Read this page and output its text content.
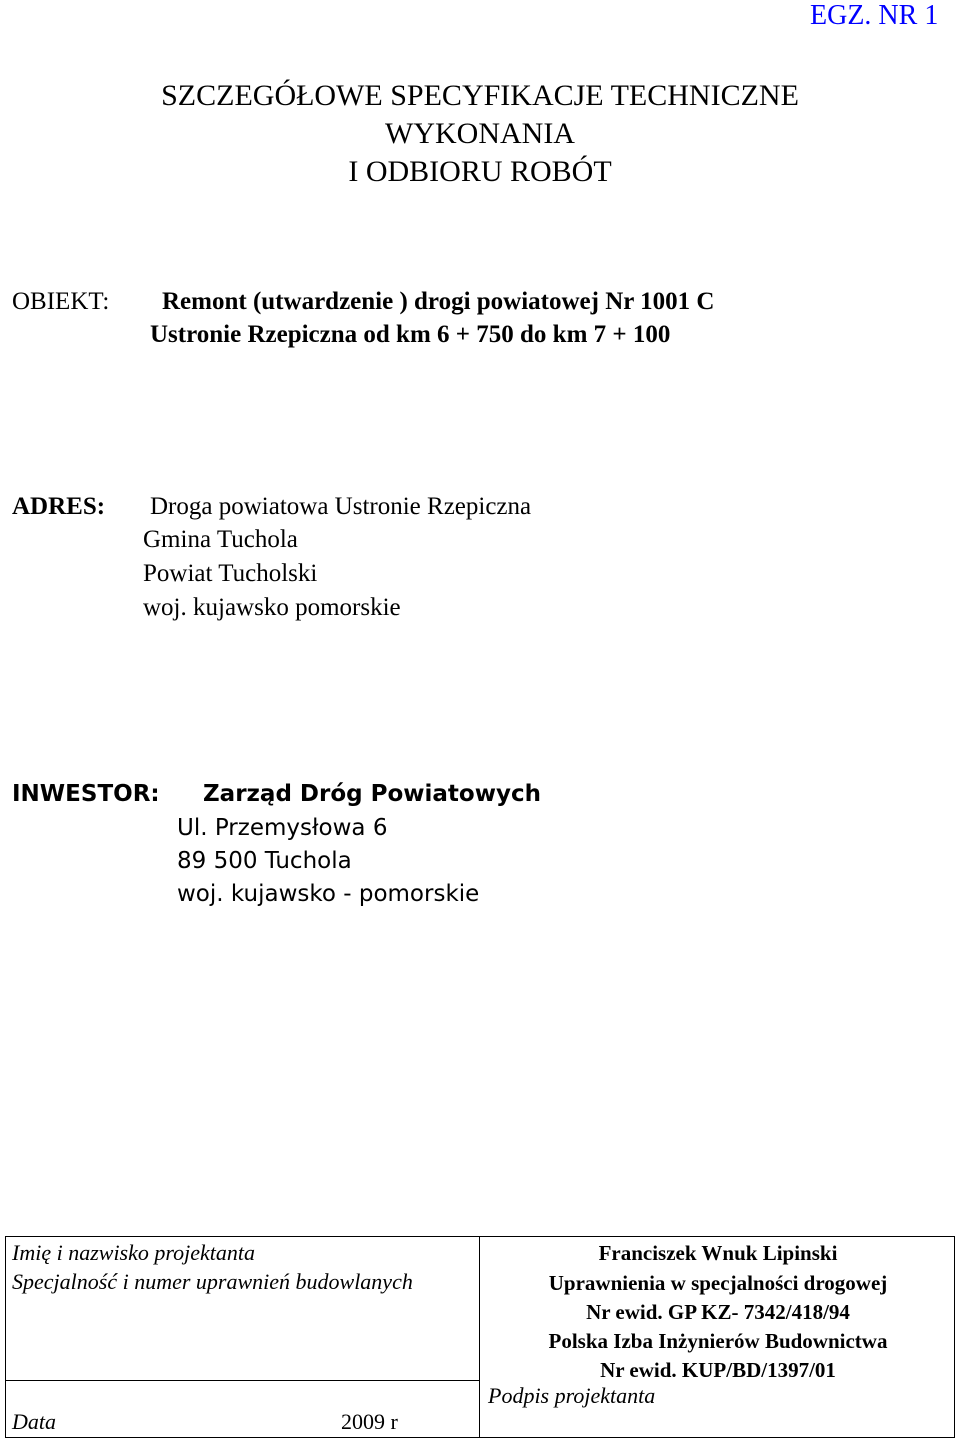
EGZ. NR 1
SZCZEGÓŁOWE SPECYFIKACJE TECHNICZNE
WYKONANIA
I ODBIORU ROBÓT
OBIEKT: Remont (utwardzenie ) drogi powiatowej Nr 1001 C
Ustronie Rzepiczna od km 6 + 750 do km 7 + 100
ADRES: Droga powiatowa Ustronie Rzepiczna
Gmina Tuchola
Powiat Tucholski
woj. kujawsko pomorskie
INWESTOR: Zarząd Dróg Powiatowych
Ul. Przemysłowa 6
89 500 Tuchola
woj. kujawsko - pomorskie
Imię i nazwisko projektanta
Specjalność i numer uprawnień budowlanych
Data	2009 r
Franciszek Wnuk Lipinski
Uprawnienia w specjalności drogowej
Nr ewid. GP KZ- 7342/418/94
Polska Izba Inżynierów Budownictwa
Nr ewid. KUP/BD/1397/01
Podpis projektanta
